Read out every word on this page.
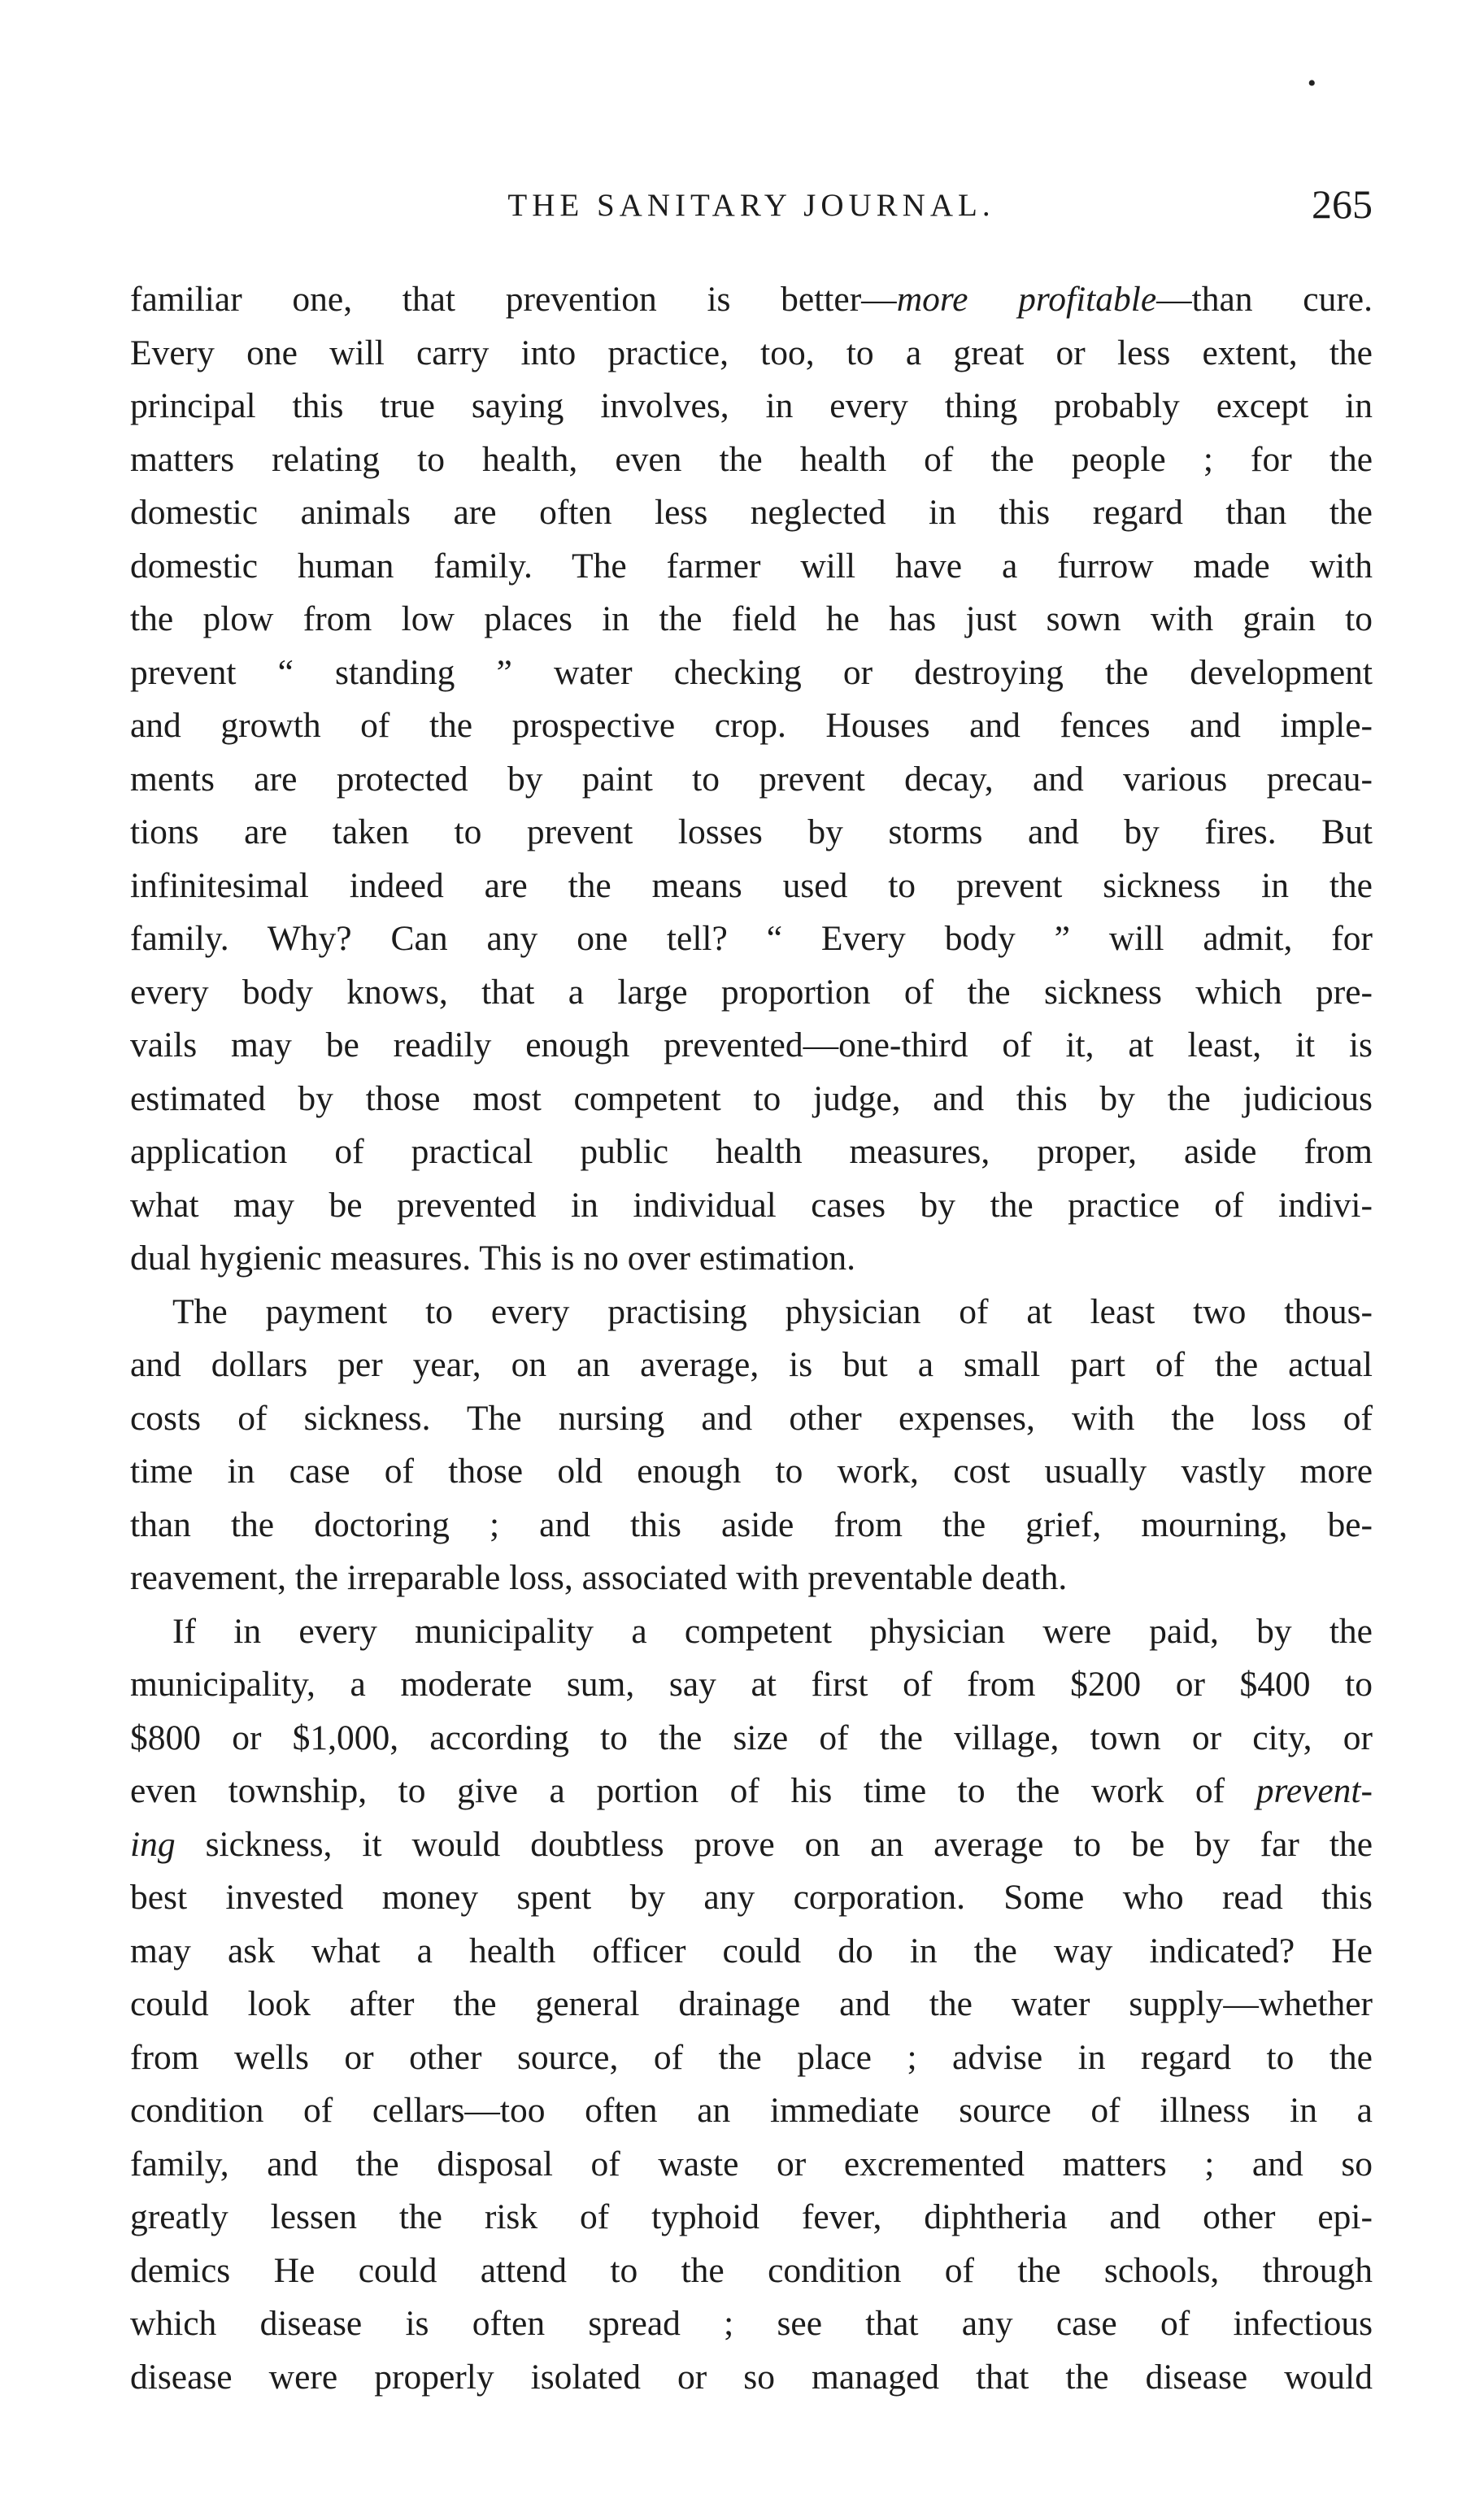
•
THE SANITARY JOURNAL.	265

familiar one, that prevention is better—more profitable—than cure.
Every one will carry into practice, too, to a great or less extent, the
principal this true saying involves, in every thing probably except in
matters relating to health, even the health of the people ; for the
domestic animals are often less neglected in this regard than the
domestic human family. The farmer will have a furrow made with
the plow from low places in the field he has just sown with grain to
prevent “ standing ” water checking or destroying the development
and growth of the prospective crop. Houses and fences and imple-
ments are protected by paint to prevent decay, and various precau-
tions are taken to prevent losses by storms and by fires. But
infinitesimal indeed are the means used to prevent sickness in the
family. Why? Can any one tell? “ Every body ” will admit, for
every body knows, that a large proportion of the sickness which pre-
vails may be readily enough prevented—one-third of it, at least, it is
estimated by those most competent to judge, and this by the judicious
application of practical public health measures, proper, aside from
what may be prevented in individual cases by the practice of indivi-
dual hygienic measures. This is no over estimation.

The payment to every practising physician of at least two thous-
and dollars per year, on an average, is but a small part of the actual
costs of sickness. The nursing and other expenses, with the loss of
time in case of those old enough to work, cost usually vastly more
than the doctoring ; and this aside from the grief, mourning, be-
reavement, the irreparable loss, associated with preventable death.

If in every municipality a competent physician were paid, by the
municipality, a moderate sum, say at first of from $200 or $400 to
$800 or $1,000, according to the size of the village, town or city, or
even township, to give a portion of his time to the work of prevent-
ing sickness, it would doubtless prove on an average to be by far the
best invested money spent by any corporation. Some who read this
may ask what a health officer could do in the way indicated? He
could look after the general drainage and the water supply—whether
from wells or other source, of the place ; advise in regard to the
condition of cellars—too often an immediate source of illness in a
family, and the disposal of waste or excremented matters ; and so
greatly lessen the risk of typhoid fever, diphtheria and other epi-
demics He could attend to the condition of the schools, through
which disease is often spread ; see that any case of infectious
disease were properly isolated or so managed that the disease would
